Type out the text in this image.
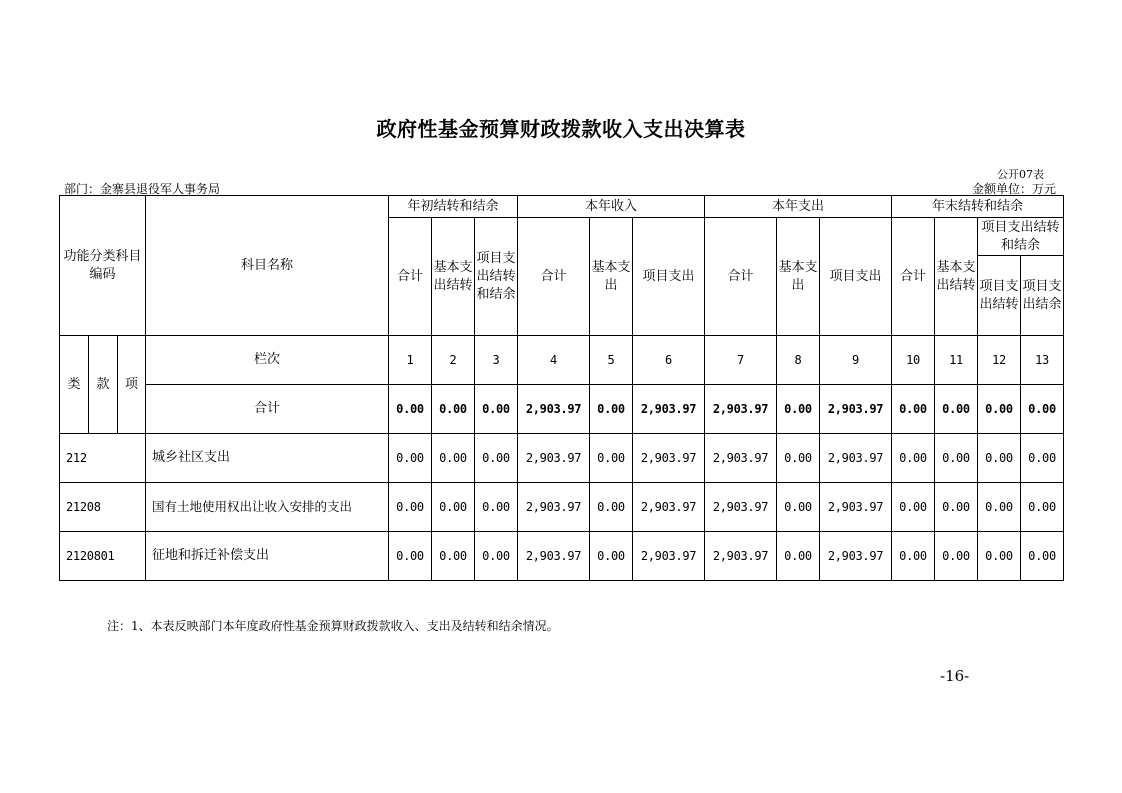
政府性基金预算财政拨款收入支出决算表
公开07表
部门：金寨县退役军人事务局	金额单位：万元
功能分类科目编码			科目名称	年初结转和结余			本年收入			本年支出			年末结转和结余			
				合计	基本支出结转	项目支出结转和结余	合计	基本支出	项目支出	合计	基本支出	项目支出	合计	基本支出结转	项目支出结转和结余	
															项目支出结转	项目支出结余
类	款	项	栏次	1	2	3	4	5	6	7	8	9	10	11	12	13
			合计	0.00	0.00	0.00	2,903.97	0.00	2,903.97	2,903.97	0.00	2,903.97	0.00	0.00	0.00	0.00
212			城乡社区支出	0.00	0.00	0.00	2,903.97	0.00	2,903.97	2,903.97	0.00	2,903.97	0.00	0.00	0.00	0.00
21208			国有土地使用权出让收入安排的支出	0.00	0.00	0.00	2,903.97	0.00	2,903.97	2,903.97	0.00	2,903.97	0.00	0.00	0.00	0.00
2120801			征地和拆迁补偿支出	0.00	0.00	0.00	2,903.97	0.00	2,903.97	2,903.97	0.00	2,903.97	0.00	0.00	0.00	0.00
注：1、本表反映部门本年度政府性基金预算财政拨款收入、支出及结转和结余情况。
-16-
